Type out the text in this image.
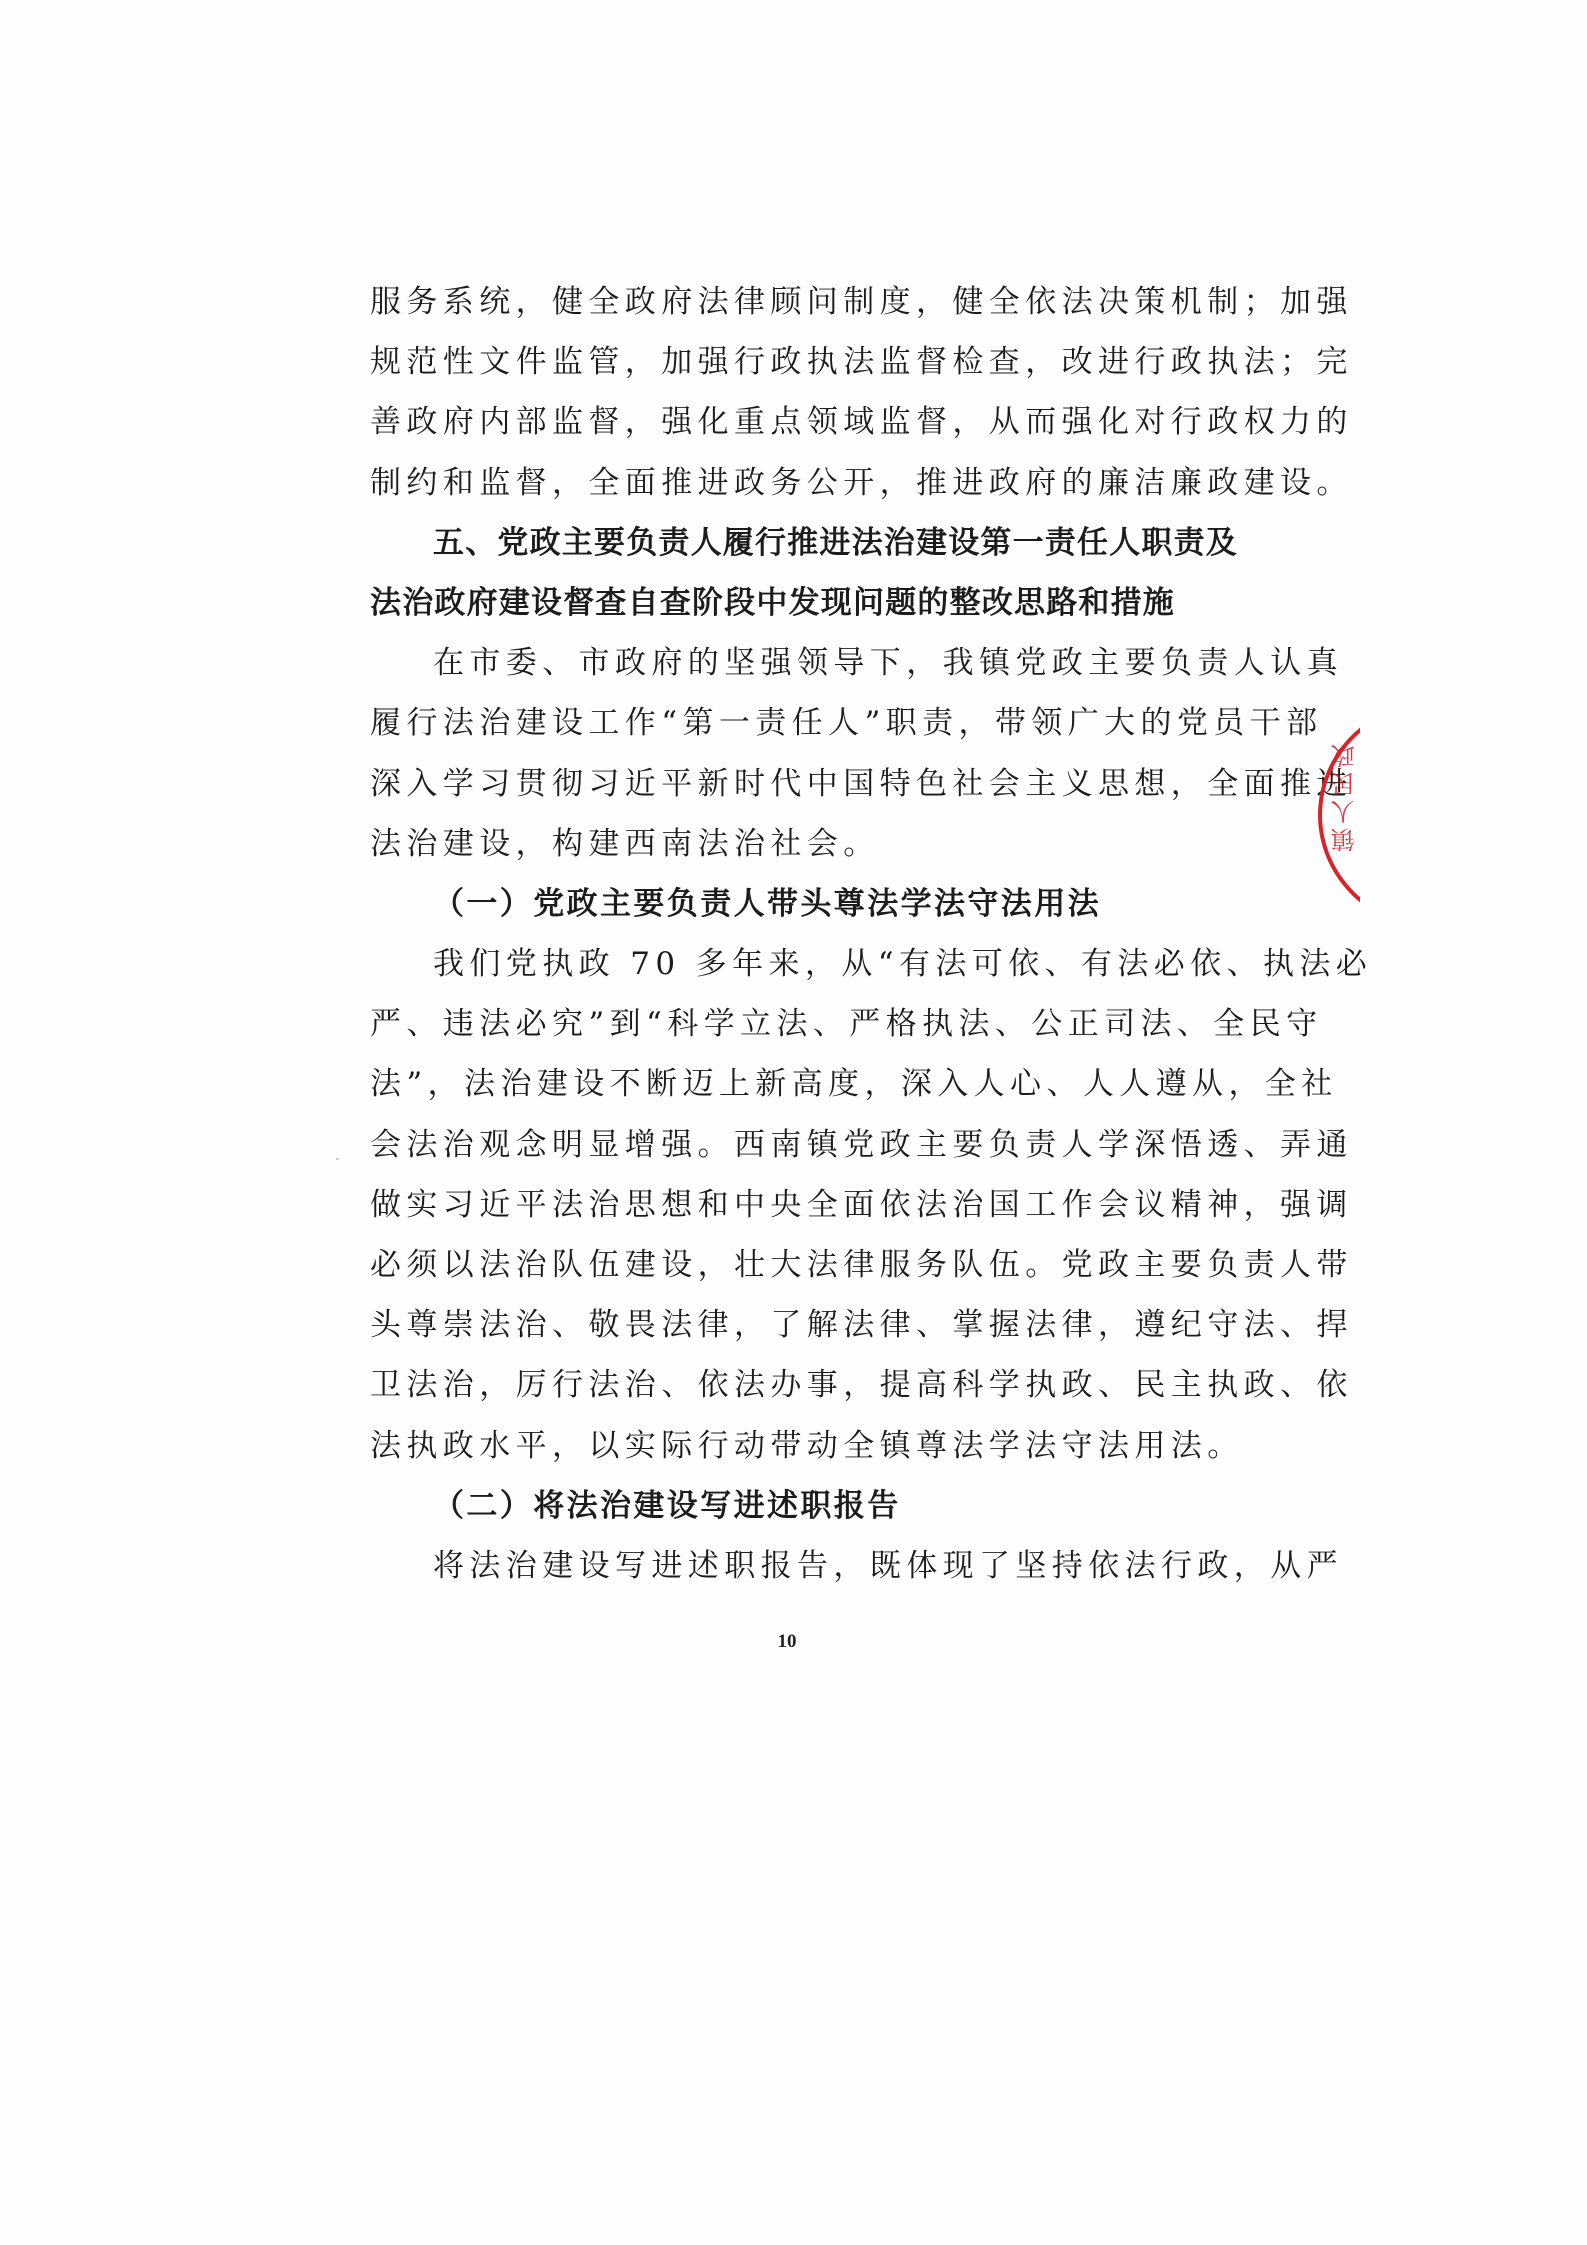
服务系统，健全政府法律顾问制度，健全依法决策机制；加强
规范性文件监管，加强行政执法监督检查，改进行政执法；完
善政府内部监督，强化重点领域监督，从而强化对行政权力的
制约和监督，全面推进政务公开，推进政府的廉洁廉政建设。
五、党政主要负责人履行推进法治建设第一责任人职责及
法治政府建设督查自查阶段中发现问题的整改思路和措施
在市委、市政府的坚强领导下，我镇党政主要负责人认真
履行法治建设工作“第一责任人”职责，带领广大的党员干部
深入学习贯彻习近平新时代中国特色社会主义思想，全面推进
法治建设，构建西南法治社会。
（一）党政主要负责人带头尊法学法守法用法
我们党执政 70 多年来，从“有法可依、有法必依、执法必
严、违法必究”到“科学立法、严格执法、公正司法、全民守
法”，法治建设不断迈上新高度，深入人心、人人遵从，全社
会法治观念明显增强。西南镇党政主要负责人学深悟透、弄通
做实习近平法治思想和中央全面依法治国工作会议精神，强调
必须以法治队伍建设，壮大法律服务队伍。党政主要负责人带
头尊崇法治、敬畏法律，了解法律、掌握法律，遵纪守法、捍
卫法治，厉行法治、依法办事，提高科学执政、民主执政、依
法执政水平，以实际行动带动全镇尊法学法守法用法。
（二）将法治建设写进述职报告
将法治建设写进述职报告，既体现了坚持依法行政，从严
10
镇人民政
